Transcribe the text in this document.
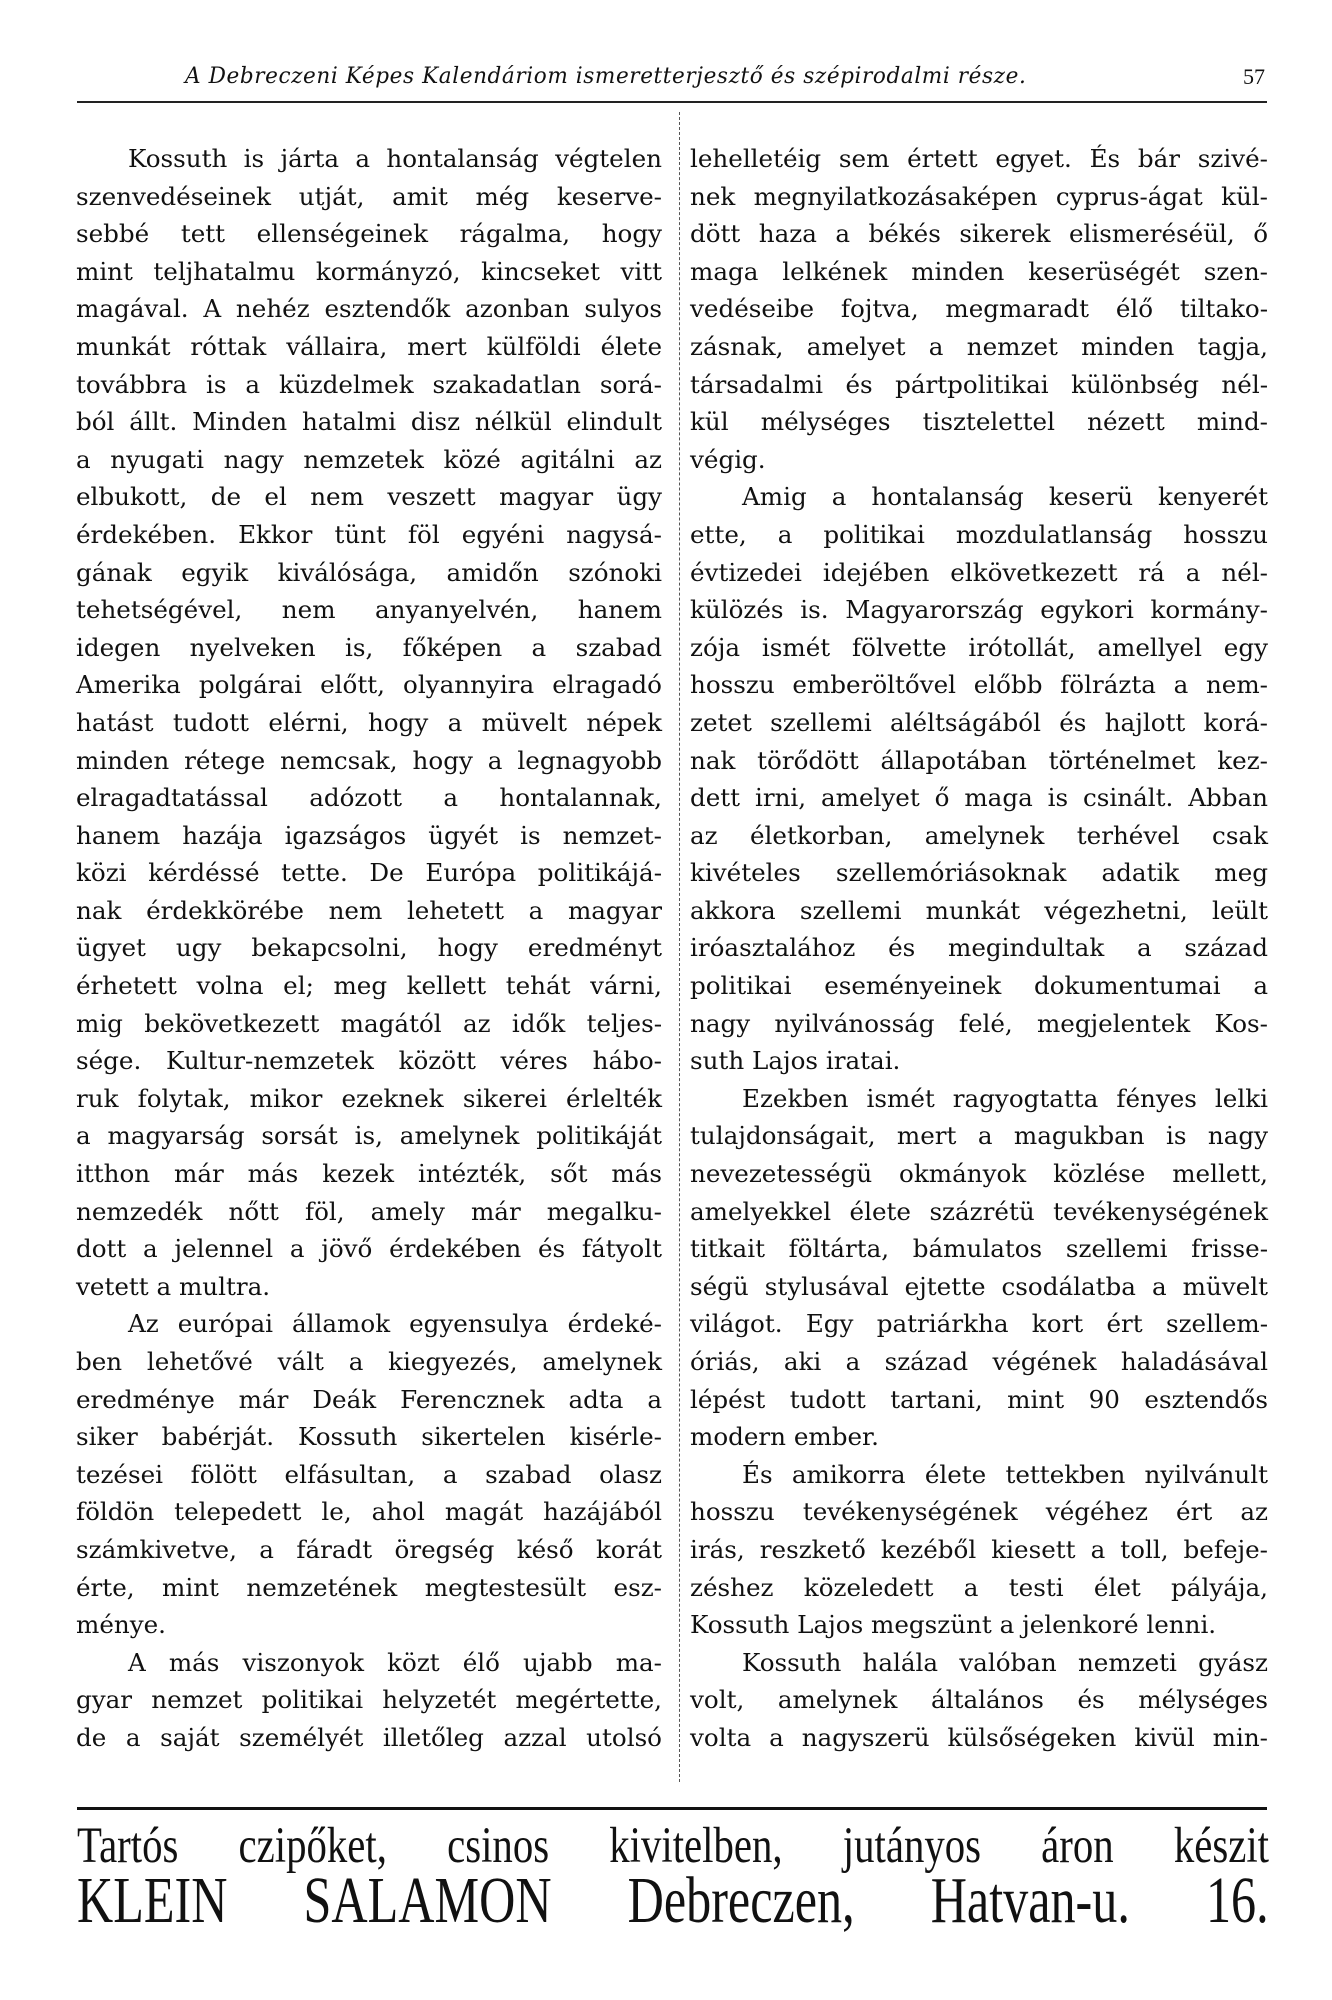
A Debreczeni Képes Kalendáriom ismeretterjesztő és szépirodalmi része.	57
Kossuth is járta a hontalanság végtelen
szenvedéseinek utját, amit még keserve-
sebbé tett ellenségeinek rágalma, hogy
mint teljhatalmu kormányzó, kincseket vitt
magával. A nehéz esztendők azonban sulyos
munkát róttak vállaira, mert külföldi élete
továbbra is a küzdelmek szakadatlan sorá-
ból állt. Minden hatalmi disz nélkül elindult
a nyugati nagy nemzetek közé agitálni az
elbukott, de el nem veszett magyar ügy
érdekében. Ekkor tünt föl egyéni nagysá-
gának egyik kiválósága, amidőn szónoki
tehetségével, nem anyanyelvén, hanem
idegen nyelveken is, főképen a szabad
Amerika polgárai előtt, olyannyira elragadó
hatást tudott elérni, hogy a müvelt népek
minden rétege nemcsak, hogy a legnagyobb
elragadtatással adózott a hontalannak,
hanem hazája igazságos ügyét is nemzet-
közi kérdéssé tette. De Európa politikájá-
nak érdekkörébe nem lehetett a magyar
ügyet ugy bekapcsolni, hogy eredményt
érhetett volna el; meg kellett tehát várni,
mig bekövetkezett magától az idők teljes-
sége. Kultur-nemzetek között véres hábo-
ruk folytak, mikor ezeknek sikerei érlelték
a magyarság sorsát is, amelynek politikáját
itthon már más kezek intézték, sőt más
nemzedék nőtt föl, amely már megalku-
dott a jelennel a jövő érdekében és fátyolt
vetett a multra.
Az európai államok egyensulya érdeké-
ben lehetővé vált a kiegyezés, amelynek
eredménye már Deák Ferencznek adta a
siker babérját. Kossuth sikertelen kisérle-
tezései fölött elfásultan, a szabad olasz
földön telepedett le, ahol magát hazájából
számkivetve, a fáradt öregség késő korát
érte, mint nemzetének megtestesült esz-
ménye.
A más viszonyok közt élő ujabb ma-
gyar nemzet politikai helyzetét megértette,
de a saját személyét illetőleg azzal utolsó
lehelletéig sem értett egyet. És bár szivé-
nek megnyilatkozásaképen cyprus-ágat kül-
dött haza a békés sikerek elismeréséül, ő
maga lelkének minden keserüségét szen-
vedéseibe fojtva, megmaradt élő tiltako-
zásnak, amelyet a nemzet minden tagja,
társadalmi és pártpolitikai különbség nél-
kül mélységes tisztelettel nézett mind-
végig.
Amig a hontalanság keserü kenyerét
ette, a politikai mozdulatlanság hosszu
évtizedei idejében elkövetkezett rá a nél-
külözés is. Magyarország egykori kormány-
zója ismét fölvette irótollát, amellyel egy
hosszu emberöltővel előbb fölrázta a nem-
zetet szellemi aléltságából és hajlott korá-
nak törődött állapotában történelmet kez-
dett irni, amelyet ő maga is csinált. Abban
az életkorban, amelynek terhével csak
kivételes szellemóriásoknak adatik meg
akkora szellemi munkát végezhetni, leült
iróasztalához és megindultak a század
politikai eseményeinek dokumentumai a
nagy nyilvánosság felé, megjelentek Kos-
suth Lajos iratai.
Ezekben ismét ragyogtatta fényes lelki
tulajdonságait, mert a magukban is nagy
nevezetességü okmányok közlése mellett,
amelyekkel élete százrétü tevékenységének
titkait föltárta, bámulatos szellemi frisse-
ségü stylusával ejtette csodálatba a müvelt
világot. Egy patriárkha kort ért szellem-
óriás, aki a század végének haladásával
lépést tudott tartani, mint 90 esztendős
modern ember.
És amikorra élete tettekben nyilvánult
hosszu tevékenységének végéhez ért az
irás, reszkető kezéből kiesett a toll, befeje-
zéshez közeledett a testi élet pályája,
Kossuth Lajos megszünt a jelenkoré lenni.
Kossuth halála valóban nemzeti gyász
volt, amelynek általános és mélységes
volta a nagyszerü külsőségeken kivül min-
Tartós czipőket, csinos kivitelben, jutányos áron készit
KLEIN SALAMON Debreczen, Hatvan-u. 16.
